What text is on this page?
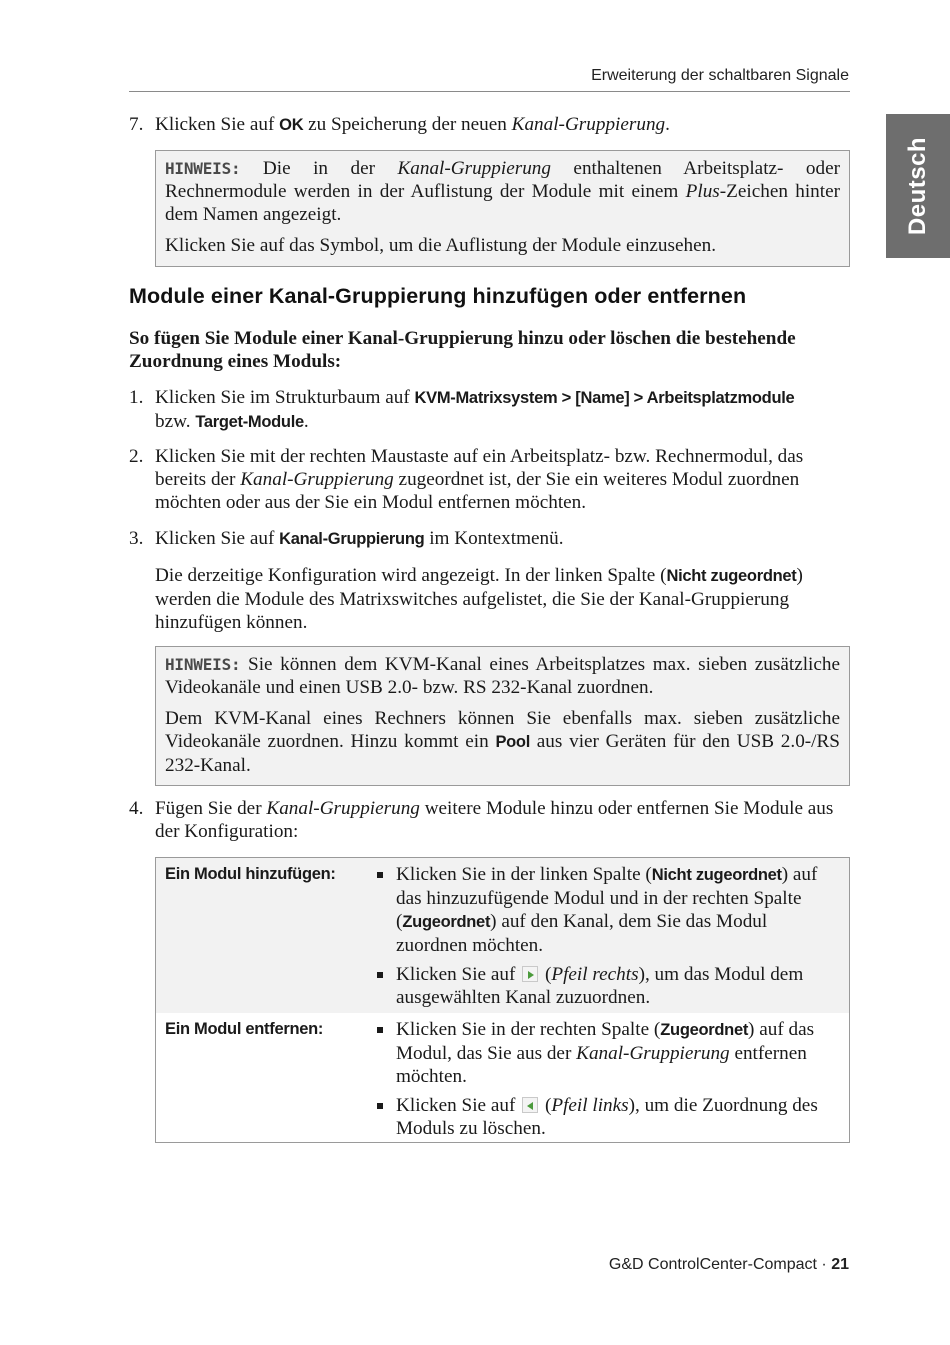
Erweiterung der schaltbaren Signale
Deutsch
7. Klicken Sie auf OK zu Speicherung der neuen Kanal-Gruppierung.

HINWEIS: Die in der Kanal-Gruppierung enthaltenen Arbeitsplatz- oder Rechnermodule werden in der Auflistung der Module mit einem Plus-Zeichen hinter dem Namen angezeigt.

Klicken Sie auf das Symbol, um die Auflistung der Module einzusehen.

Module einer Kanal-Gruppierung hinzufügen oder entfernen
So fügen Sie Module einer Kanal-Gruppierung hinzu oder löschen die bestehende Zuordnung eines Moduls:
1. Klicken Sie im Strukturbaum auf KVM-Matrixsystem > [Name] > Arbeitsplatzmodule
bzw. Target-Module.
2. Klicken Sie mit der rechten Maustaste auf ein Arbeitsplatz- bzw. Rechnermodul, das bereits der Kanal-Gruppierung zugeordnet ist, der Sie ein weiteres Modul zuordnen möchten oder aus der Sie ein Modul entfernen möchten.
3. Klicken Sie auf Kanal-Gruppierung im Kontextmenü.

Die derzeitige Konfiguration wird angezeigt. In der linken Spalte (Nicht zugeordnet) werden die Module des Matrixswitches aufgelistet, die Sie der Kanal-Gruppierung hinzufügen können.

HINWEIS: Sie können dem KVM-Kanal eines Arbeitsplatzes max. sieben zusätzliche Videokanäle und einen USB 2.0- bzw. RS 232-Kanal zuordnen.

Dem KVM-Kanal eines Rechners können Sie ebenfalls max. sieben zusätzliche Videokanäle zuordnen. Hinzu kommt ein Pool aus vier Geräten für den USB 2.0-/RS 232-Kanal.

4. Fügen Sie der Kanal-Gruppierung weitere Module hinzu oder entfernen Sie Module aus der Konfiguration:
Ein Modul hinzufügen:	Klicken Sie in der linken Spalte (Nicht zugeordnet) auf das hinzuzufügende Modul und in der rechten Spalte (Zugeordnet) auf den Kanal, dem Sie das Modul zuordnen möchten.
Klicken Sie auf  (Pfeil rechts), um das Modul dem ausgewählten Kanal zuzuordnen.
Ein Modul entfernen:	Klicken Sie in der rechten Spalte (Zugeordnet) auf das Modul, das Sie aus der Kanal-Gruppierung entfernen möchten.
Klicken Sie auf  (Pfeil links), um die Zuordnung des Moduls zu löschen.
G&D ControlCenter-Compact · 21
